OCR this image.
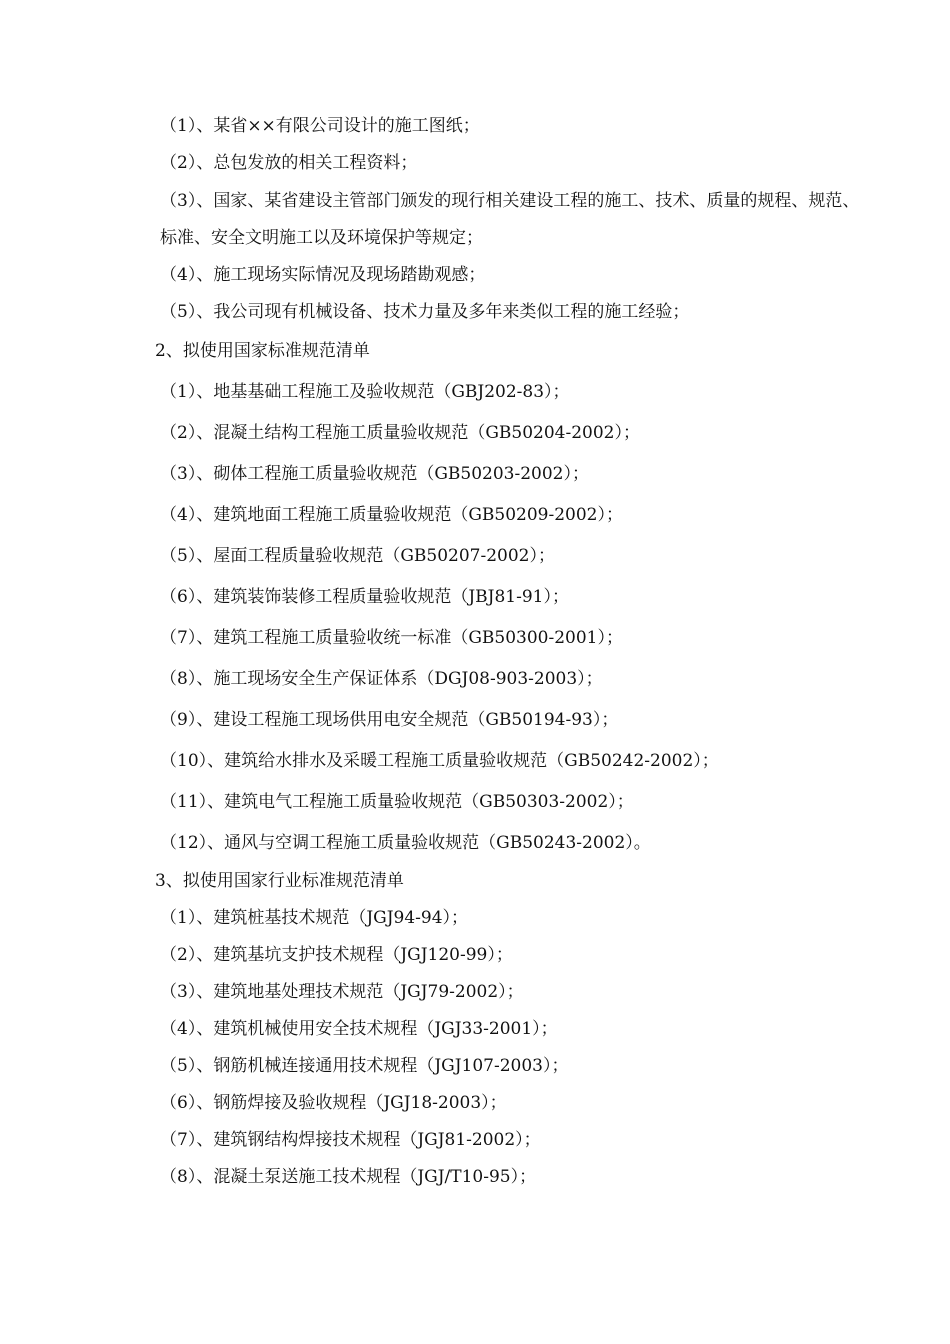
（1）、某省××有限公司设计的施工图纸；
（2）、总包发放的相关工程资料；
（3）、国家、某省建设主管部门颁发的现行相关建设工程的施工、技术、质量的规程、规范、标准、安全文明施工以及环境保护等规定；
（4）、施工现场实际情况及现场踏勘观感；
（5）、我公司现有机械设备、技术力量及多年来类似工程的施工经验；
2、拟使用国家标准规范清单
（1）、地基基础工程施工及验收规范（GBJ202-83）；
（2）、混凝土结构工程施工质量验收规范（GB50204-2002）；
（3）、砌体工程施工质量验收规范（GB50203-2002）；
（4）、建筑地面工程施工质量验收规范（GB50209-2002）；
（5）、屋面工程质量验收规范（GB50207-2002）；
（6）、建筑装饰装修工程质量验收规范（JBJ81-91）；
（7）、建筑工程施工质量验收统一标准（GB50300-2001）；
（8）、施工现场安全生产保证体系（DGJ08-903-2003）；
（9）、建设工程施工现场供用电安全规范（GB50194-93）；
（10）、建筑给水排水及采暖工程施工质量验收规范（GB50242-2002）；
（11）、建筑电气工程施工质量验收规范（GB50303-2002）；
（12）、通风与空调工程施工质量验收规范（GB50243-2002）。
3、拟使用国家行业标准规范清单
（1）、建筑桩基技术规范（JGJ94-94）；
（2）、建筑基坑支护技术规程（JGJ120-99）；
（3）、建筑地基处理技术规范（JGJ79-2002）；
（4）、建筑机械使用安全技术规程（JGJ33-2001）；
（5）、钢筋机械连接通用技术规程（JGJ107-2003）；
（6）、钢筋焊接及验收规程（JGJ18-2003）；
（7）、建筑钢结构焊接技术规程（JGJ81-2002）；
（8）、混凝土泵送施工技术规程（JGJ/T10-95）；
